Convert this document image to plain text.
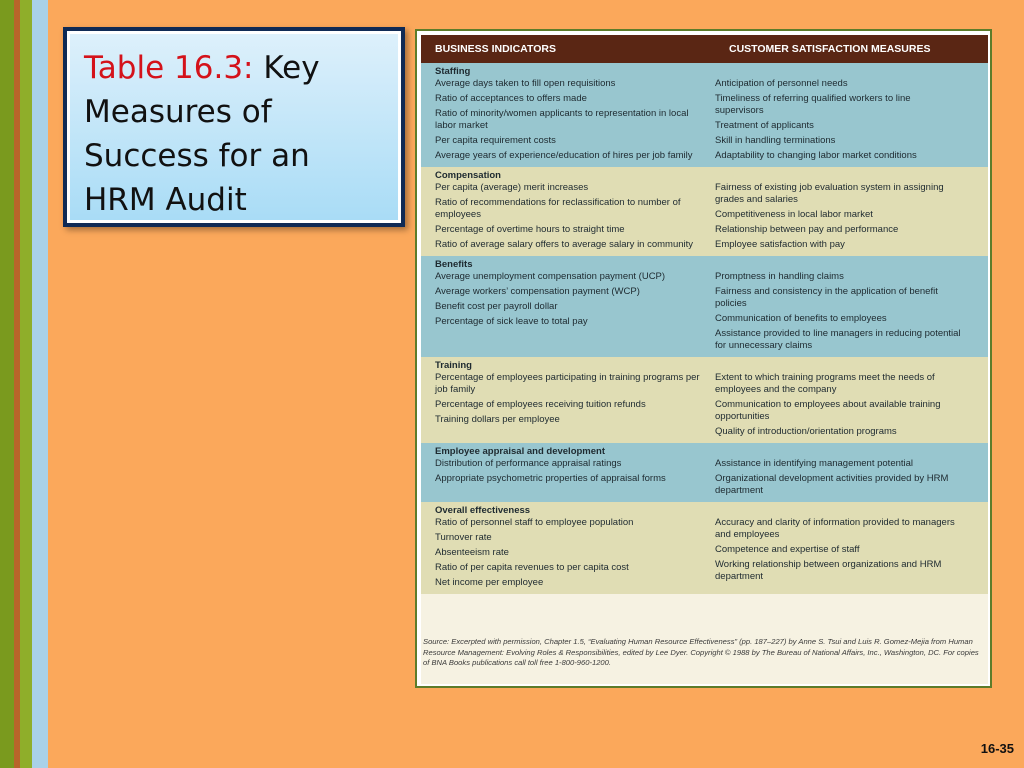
Table 16.3: Key Measures of Success for an HRM Audit
BUSINESS INDICATORS	CUSTOMER SATISFACTION MEASURES
Staffing
Average days taken to fill open requisitions
Ratio of acceptances to offers made
Ratio of minority/women applicants to representation in local labor market
Per capita requirement costs
Average years of experience/education of hires per job family
Anticipation of personnel needs
Timeliness of referring qualified workers to line supervisors
Treatment of applicants
Skill in handling terminations
Adaptability to changing labor market conditions
Compensation
Per capita (average) merit increases
Ratio of recommendations for reclassification to number of employees
Percentage of overtime hours to straight time
Ratio of average salary offers to average salary in community
Fairness of existing job evaluation system in assigning grades and salaries
Competitiveness in local labor market
Relationship between pay and performance
Employee satisfaction with pay
Benefits
Average unemployment compensation payment (UCP)
Average workers’ compensation payment (WCP)
Benefit cost per payroll dollar
Percentage of sick leave to total pay
Promptness in handling claims
Fairness and consistency in the application of benefit policies
Communication of benefits to employees
Assistance provided to line managers in reducing potential for unnecessary claims
Training
Percentage of employees participating in training programs per job family
Percentage of employees receiving tuition refunds
Training dollars per employee
Extent to which training programs meet the needs of employees and the company
Communication to employees about available training opportunities
Quality of introduction/orientation programs
Employee appraisal and development
Distribution of performance appraisal ratings
Appropriate psychometric properties of appraisal forms
Assistance in identifying management potential
Organizational development activities provided by HRM department
Overall effectiveness
Ratio of personnel staff to employee population
Turnover rate
Absenteeism rate
Ratio of per capita revenues to per capita cost
Net income per employee
Accuracy and clarity of information provided to managers and employees
Competence and expertise of staff
Working relationship between organizations and HRM department
Source: Excerpted with permission, Chapter 1.5, “Evaluating Human Resource Effectiveness” (pp. 187–227) by Anne S. Tsui and Luis R. Gomez-Mejia from Human Resource Management: Evolving Roles & Responsibilities, edited by Lee Dyer. Copyright © 1988 by The Bureau of National Affairs, Inc., Washington, DC. For copies of BNA Books publications call toll free 1-800-960-1200.
16-35
